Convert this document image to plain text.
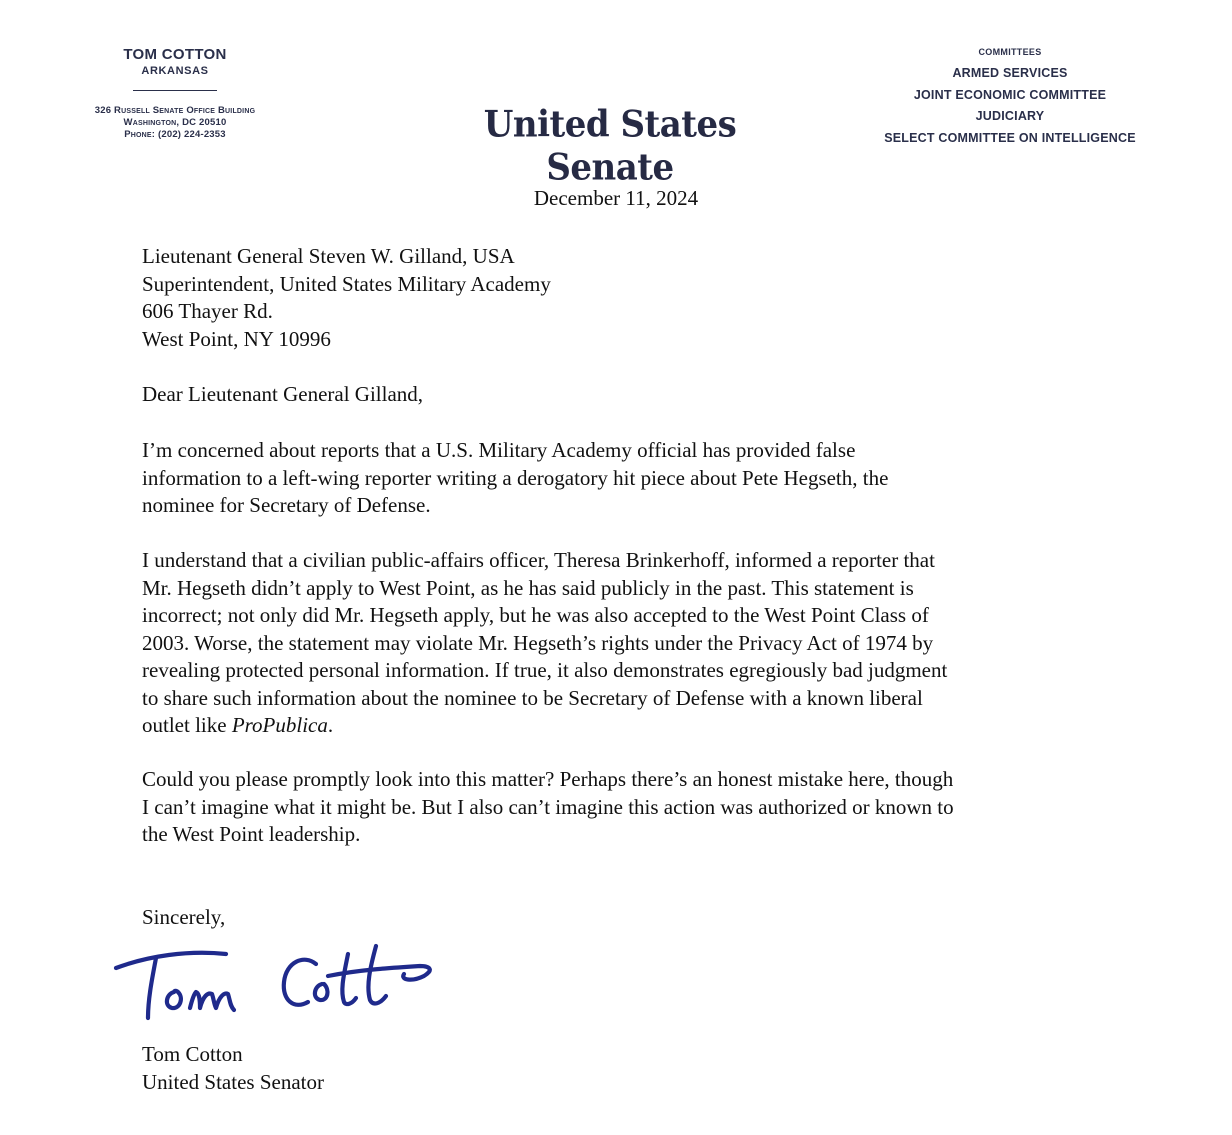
TOM COTTON
ARKANSAS
326 Russell Senate Office Building
Washington, DC 20510
Phone: (202) 224-2353	United States Senate
COMMITTEES
ARMED SERVICES
JOINT ECONOMIC COMMITTEE
JUDICIARY
SELECT COMMITTEE ON INTELLIGENCE
December 11, 2024

Lieutenant General Steven W. Gilland, USA

Superintendent, United States Military Academy

606 Thayer Rd.

West Point, NY 10996

Dear Lieutenant General Gilland,

I’m concerned about reports that a U.S. Military Academy official has provided false

information to a left-wing reporter writing a derogatory hit piece about Pete Hegseth, the

nominee for Secretary of Defense.

I understand that a civilian public-affairs officer, Theresa Brinkerhoff, informed a reporter that

Mr. Hegseth didn’t apply to West Point, as he has said publicly in the past. This statement is

incorrect; not only did Mr. Hegseth apply, but he was also accepted to the West Point Class of

2003. Worse, the statement may violate Mr. Hegseth’s rights under the Privacy Act of 1974 by

revealing protected personal information. If true, it also demonstrates egregiously bad judgment

to share such information about the nominee to be Secretary of Defense with a known liberal

outlet like ProPublica.

Could you please promptly look into this matter? Perhaps there’s an honest mistake here, though

I can’t imagine what it might be. But I also can’t imagine this action was authorized or known to

the West Point leadership.

Sincerely,

Tom Cotton

United States Senator
